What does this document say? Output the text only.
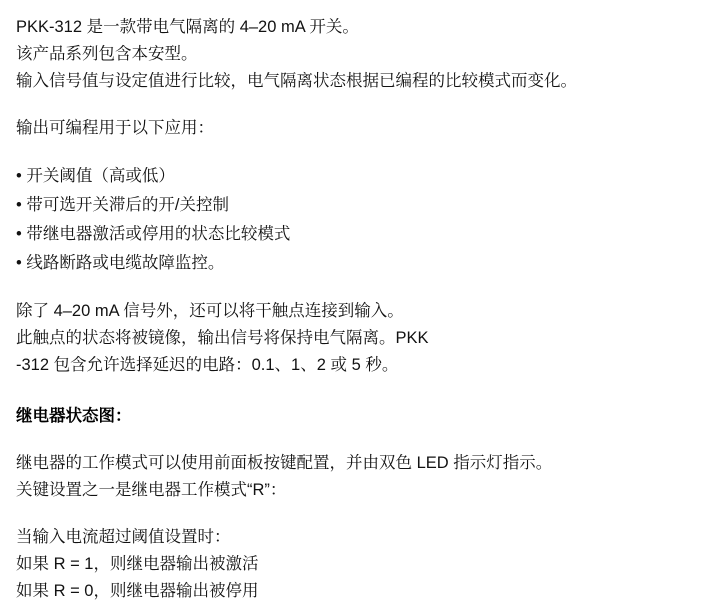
PKK-312 是一款带电气隔离的 4–20 mA 开关。
该产品系列包含本安型。
输入信号值与设定值进行比较，电气隔离状态根据已编程的比较模式而变化。
输出可编程用于以下应用：
• 开关阈值（高或低）
• 带可选开关滞后的开/关控制
• 带继电器激活或停用的状态比较模式
• 线路断路或电缆故障监控。
除了 4–20 mA 信号外，还可以将干触点连接到输入。
此触点的状态将被镜像，输出信号将保持电气隔离。PKK
-312 包含允许选择延迟的电路：0.1、1、2 或 5 秒。
继电器状态图：
继电器的工作模式可以使用前面板按键配置，并由双色 LED 指示灯指示。
关键设置之一是继电器工作模式“R”：
当输入电流超过阈值设置时：
如果 R = 1，则继电器输出被激活
如果 R = 0，则继电器输出被停用
